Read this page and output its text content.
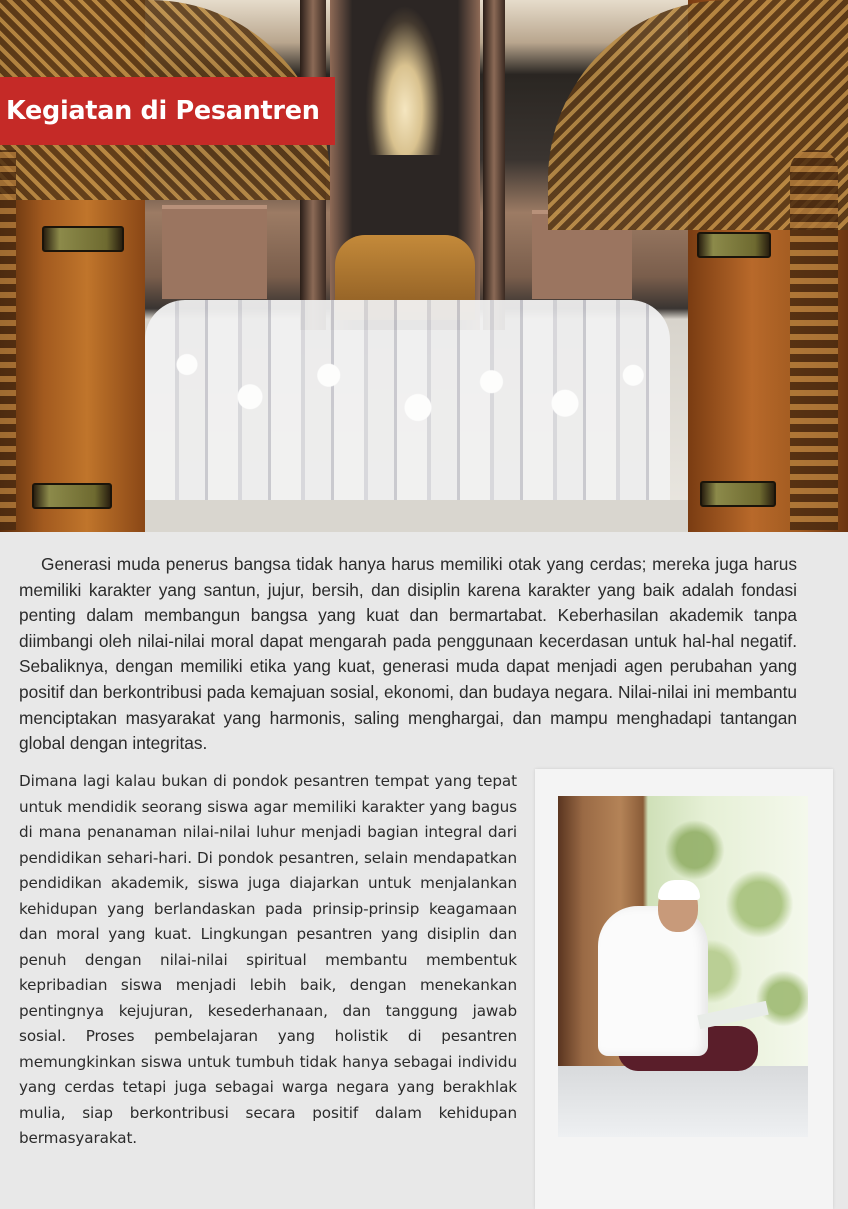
Kegiatan di Pesantren
Generasi muda penerus bangsa tidak hanya harus memiliki otak yang cerdas; mereka juga harus memiliki karakter yang santun, jujur, bersih, dan disiplin karena karakter yang baik adalah fondasi penting dalam membangun bangsa yang kuat dan bermartabat. Keberhasilan akademik tanpa diimbangi oleh nilai-nilai moral dapat mengarah pada penggunaan kecerdasan untuk hal-hal negatif. Sebaliknya, dengan memiliki etika yang kuat, generasi muda dapat menjadi agen perubahan yang positif dan berkontribusi pada kemajuan sosial, ekonomi, dan budaya negara. Nilai-nilai ini membantu menciptakan masyarakat yang harmonis, saling menghargai, dan mampu menghadapi tantangan global dengan integritas.
Dimana lagi kalau bukan di pondok pesantren tempat yang tepat untuk mendidik seorang siswa agar memiliki karakter yang bagus di mana penanaman nilai-nilai luhur menjadi bagian integral dari pendidikan sehari-hari. Di pondok pesantren, selain mendapatkan pendidikan akademik, siswa juga diajarkan untuk menjalankan kehidupan yang berlandaskan pada prinsip-prinsip keagamaan dan moral yang kuat. Lingkungan pesantren yang disiplin dan penuh dengan nilai-nilai spiritual membantu membentuk kepribadian siswa menjadi lebih baik, dengan menekankan pentingnya kejujuran, kesederhanaan, dan tanggung jawab sosial. Proses pembelajaran yang holistik di pesantren memungkinkan siswa untuk tumbuh tidak hanya sebagai individu yang cerdas tetapi juga sebagai warga negara yang berakhlak mulia, siap berkontribusi secara positif dalam kehidupan bermasyarakat.
